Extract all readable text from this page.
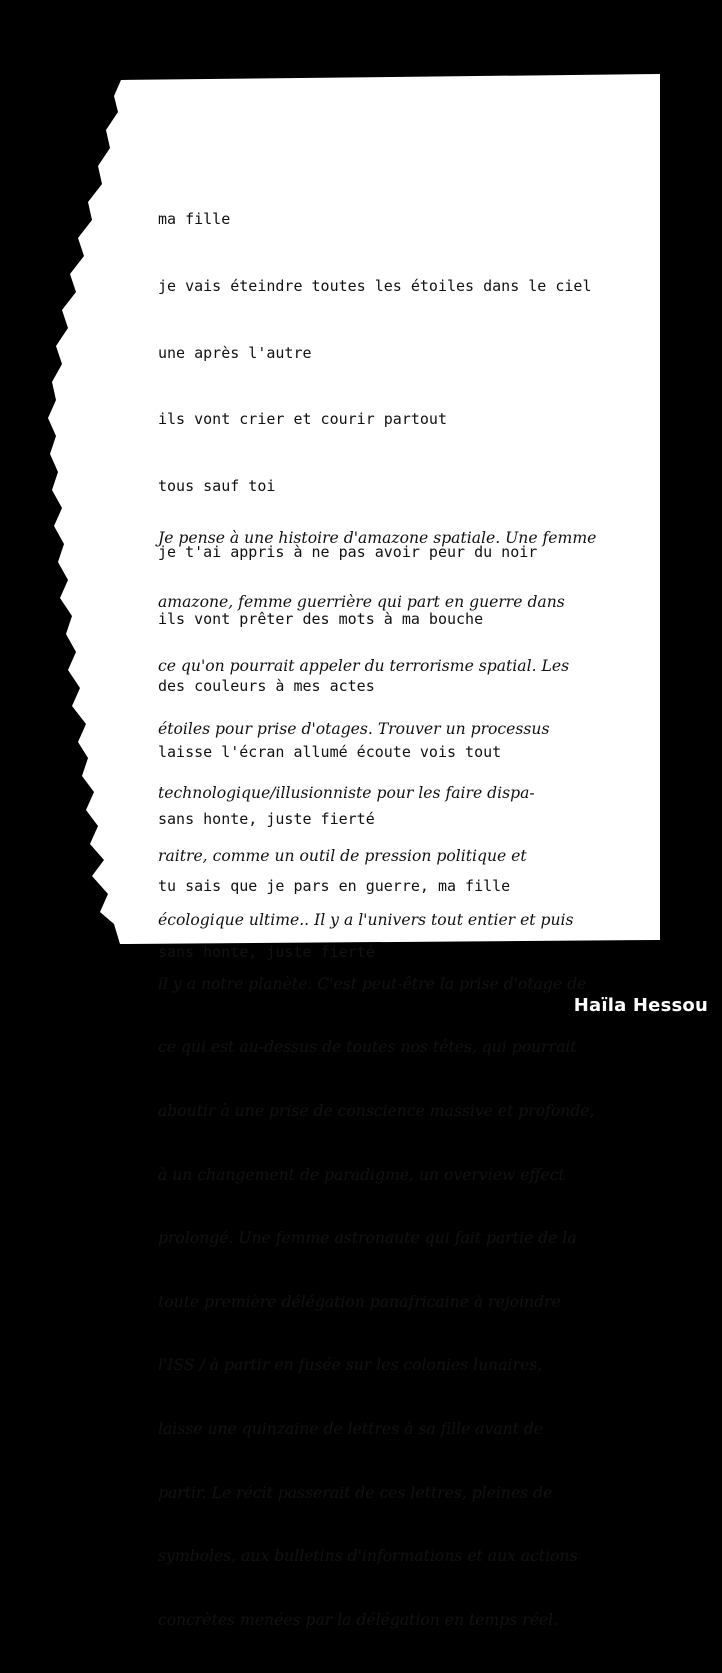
ma fille

je vais éteindre toutes les étoiles dans le ciel

une après l'autre

ils vont crier et courir partout

tous sauf toi

je t'ai appris à ne pas avoir peur du noir

ils vont prêter des mots à ma bouche

des couleurs à mes actes

laisse l'écran allumé écoute vois tout

sans honte, juste fierté

tu sais que je pars en guerre, ma fille

sans honte, juste fierté

Je pense à une histoire d'amazone spatiale. Une femme

amazone, femme guerrière qui part en guerre dans

ce qu'on pourrait appeler du terrorisme spatial. Les

étoiles pour prise d'otages. Trouver un processus

technologique/illusionniste pour les faire dispa-

raitre, comme un outil de pression politique et

écologique ultime.. Il y a l'univers tout entier et puis

il y a notre planète. C'est peut-être la prise d'otage de

ce qui est au-dessus de toutes nos têtes, qui pourrait

aboutir à une prise de conscience massive et profonde,

à un changement de paradigme, un overview effect

prolongé. Une femme astronaute qui fait partie de la

toute première délégation panafricaine à rejoindre

l'ISS / à partir en fusée sur les colonies lunaires,

laisse une quinzaine de lettres à sa fille avant de

partir. Le récit passerait de ces lettres, pleines de

symboles, aux bulletins d'informations et aux actions

concrètes menées par la délégation en temps réel.

Haïla Hessou
